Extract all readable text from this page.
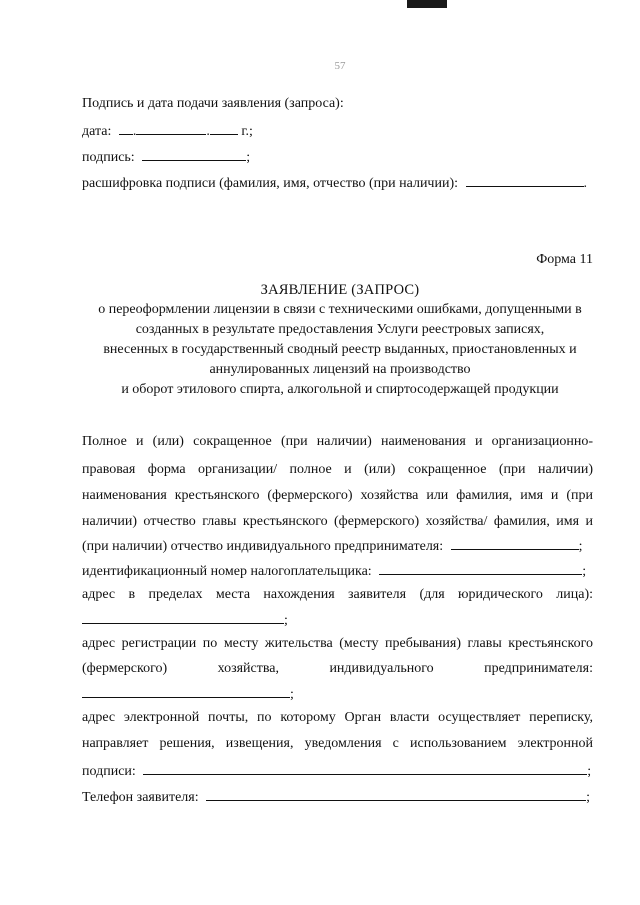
57
Подпись и дата подачи заявления (запроса):
дата: .	. г.;
подпись:	;
расшифровка подписи (фамилия, имя, отчество (при наличии):	.
Форма 11
ЗАЯВЛЕНИЕ (ЗАПРОС)
о переоформлении лицензии в связи с техническими ошибками, допущенными в
созданных в результате предоставления Услуги реестровых записях,
внесенных в государственный сводный реестр выданных, приостановленных и
аннулированных лицензий на производство
и оборот этилового спирта, алкогольной и спиртосодержащей продукции
Полное и (или) сокращенное (при наличии) наименования и организационно-
правовая форма организации/ полное и (или) сокращенное (при наличии)
наименования крестьянского (фермерского) хозяйства или фамилия, имя и (при
наличии) отчество главы крестьянского (фермерского) хозяйства/ фамилия, имя и
(при наличии) отчество индивидуального предпринимателя:	;
идентификационный номер налогоплательщика:	;
адрес в пределах места нахождения заявителя (для юридического лица):
;
адрес регистрации по месту жительства (месту пребывания) главы крестьянского
(фермерского) хозяйства, индивидуального предпринимателя:
;
адрес электронной почты, по которому Орган власти осуществляет переписку,
направляет решения, извещения, уведомления с использованием электронной
подписи:	;
Телефон заявителя:	;
